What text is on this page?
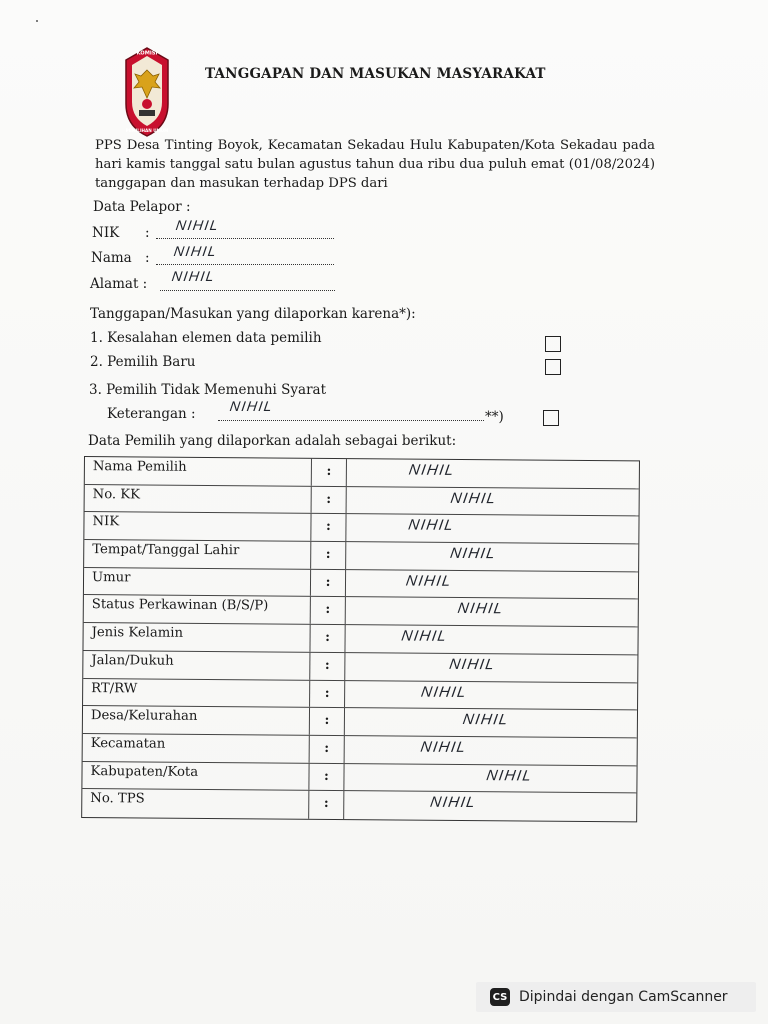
KOMISI
PEMILIHAN UMUM
TANGGAPAN DAN MASUKAN MASYARAKAT
PPS Desa Tinting Boyok, Kecamatan Sekadau Hulu Kabupaten/Kota Sekadau pada hari kamis tanggal satu bulan agustus tahun dua ribu dua puluh emat (01/08/2024) tanggapan dan masukan terhadap DPS dari
Data Pelapor :
NIK : NIHIL
Nama : NIHIL
Alamat : NIHIL
Tanggapan/Masukan yang dilaporkan karena*):
1. Kesalahan elemen data pemilih
2. Pemilih Baru
3. Pemilih Tidak Memenuhi Syarat
Keterangan :	**)
NIHIL
Data Pemilih yang dilaporkan adalah sebagai berikut:
Nama Pemilih	:	NIHIL
No. KK	:	NIHIL
NIK	:	NIHIL
Tempat/Tanggal Lahir	:	NIHIL
Umur	:	NIHIL
Status Perkawinan (B/S/P)	:	NIHIL
Jenis Kelamin	:	NIHIL
Jalan/Dukuh	:	NIHIL
RT/RW	:	NIHIL
Desa/Kelurahan	:	NIHIL
Kecamatan	:	NIHIL
Kabupaten/Kota	:	NIHIL
No. TPS	:	NIHIL
CS Dipindai dengan CamScanner
